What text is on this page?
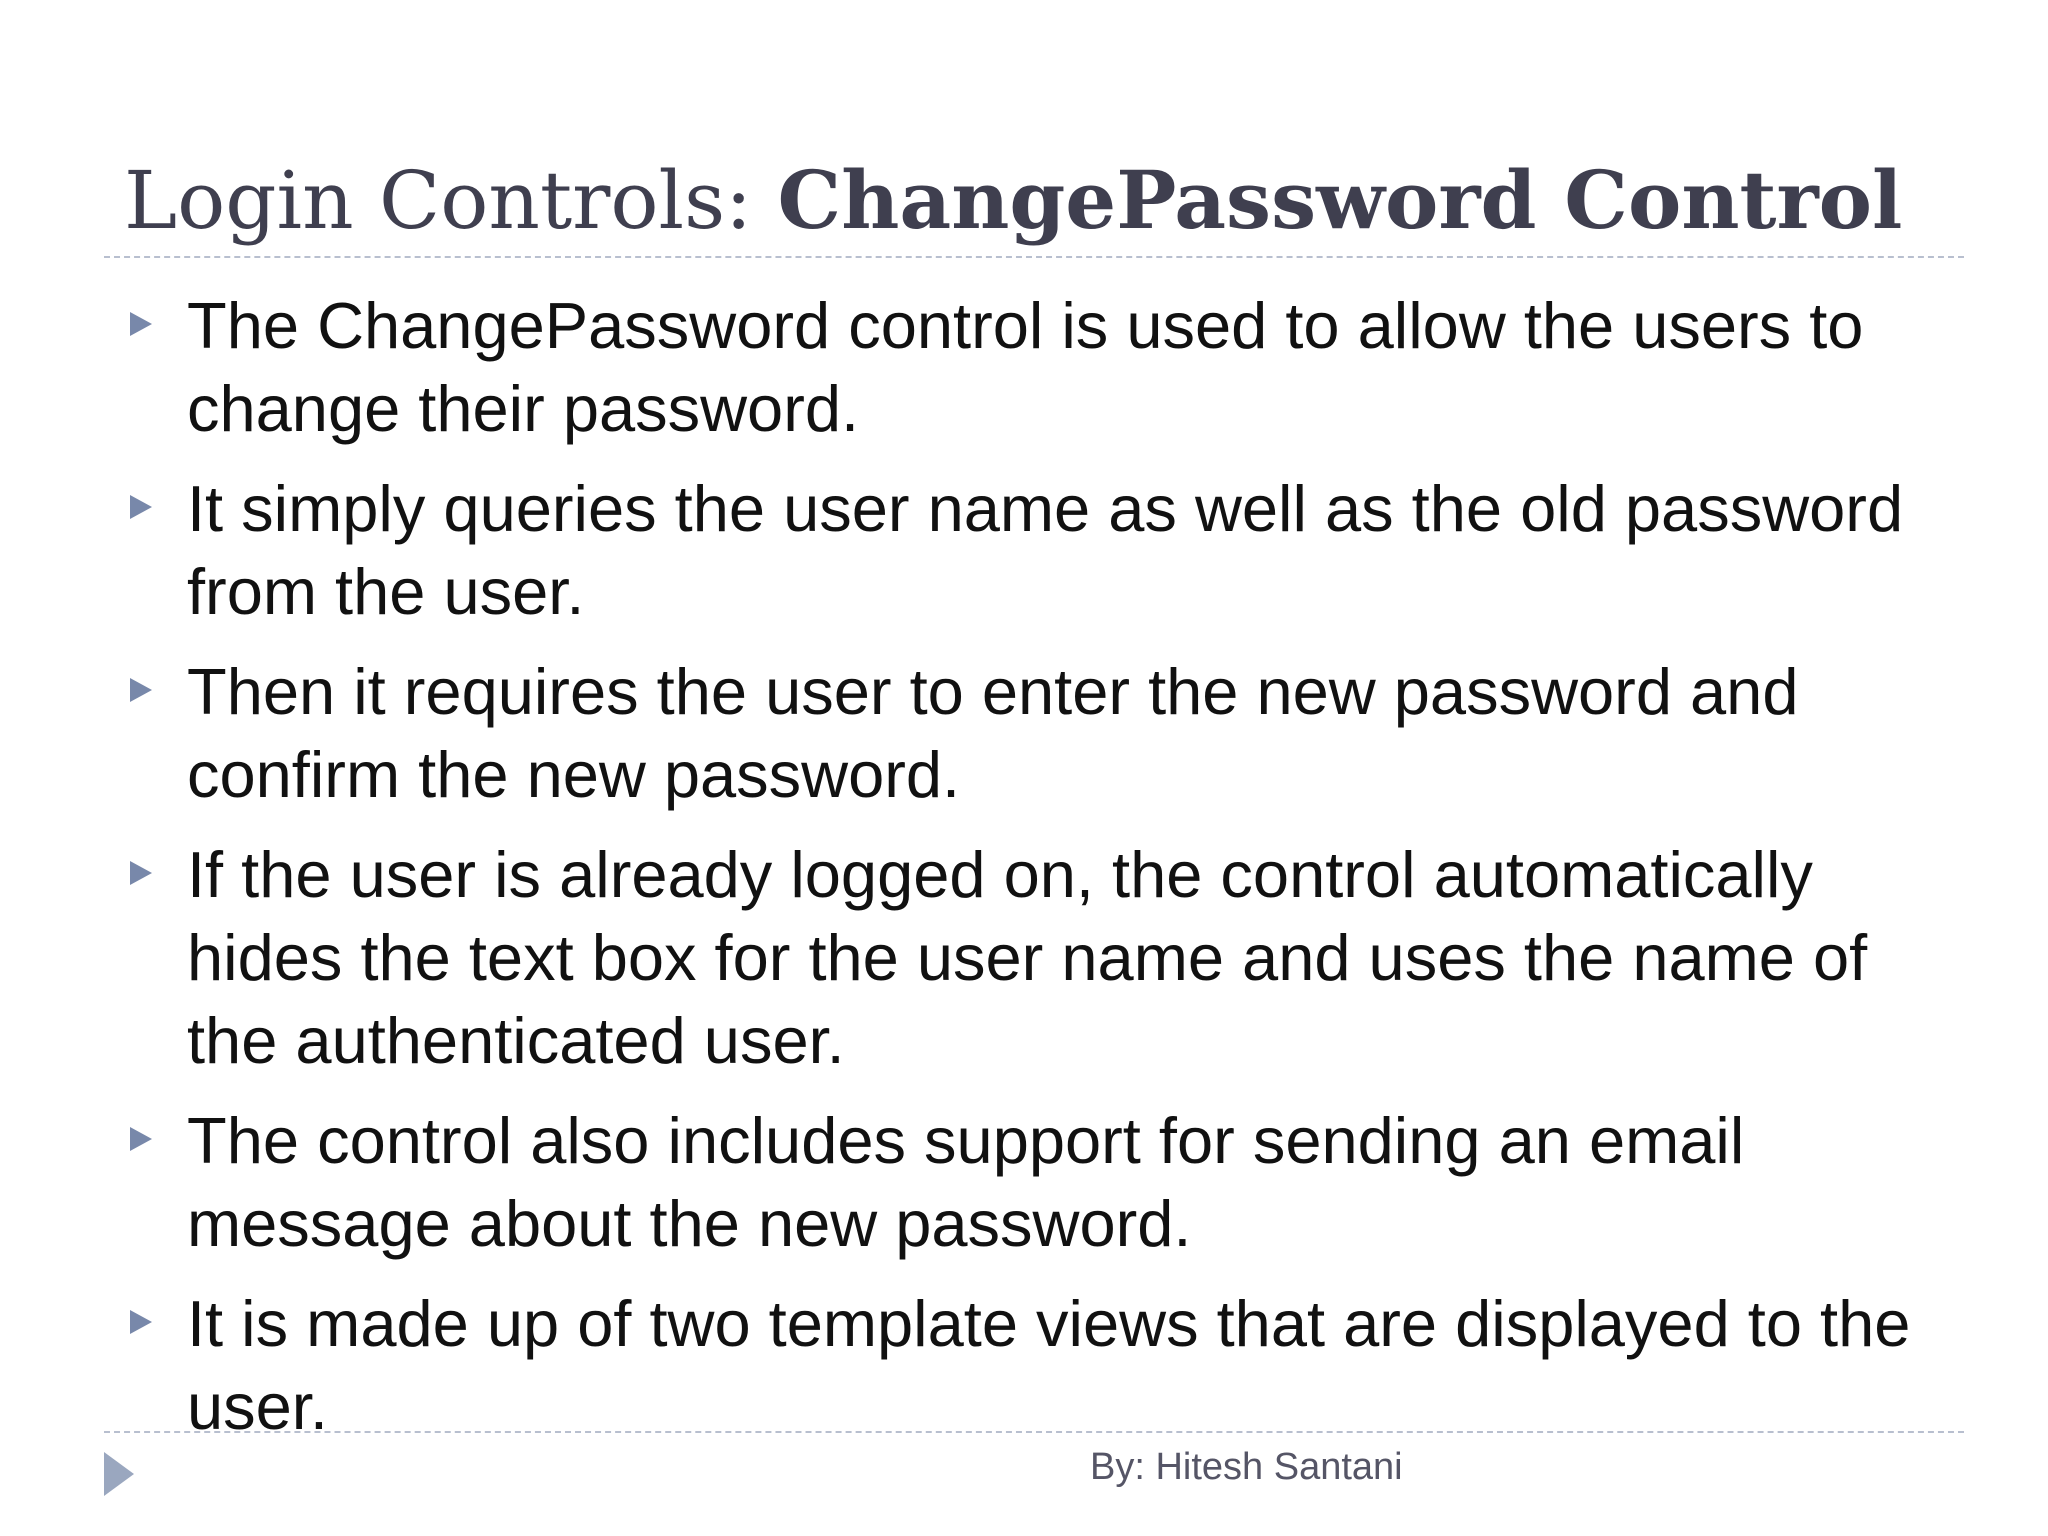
Login Controls: ChangePassword Control
The ChangePassword control is used to allow the users to change their password.
It simply queries the user name as well as the old password from the user.
Then it requires the user to enter the new password and confirm the new password.
If the user is already logged on, the control automatically hides the text box for the user name and uses the name of the authenticated user.
The control also includes support for sending an email message about the new password.
It is made up of two template views that are displayed to the user.
By: Hitesh Santani
